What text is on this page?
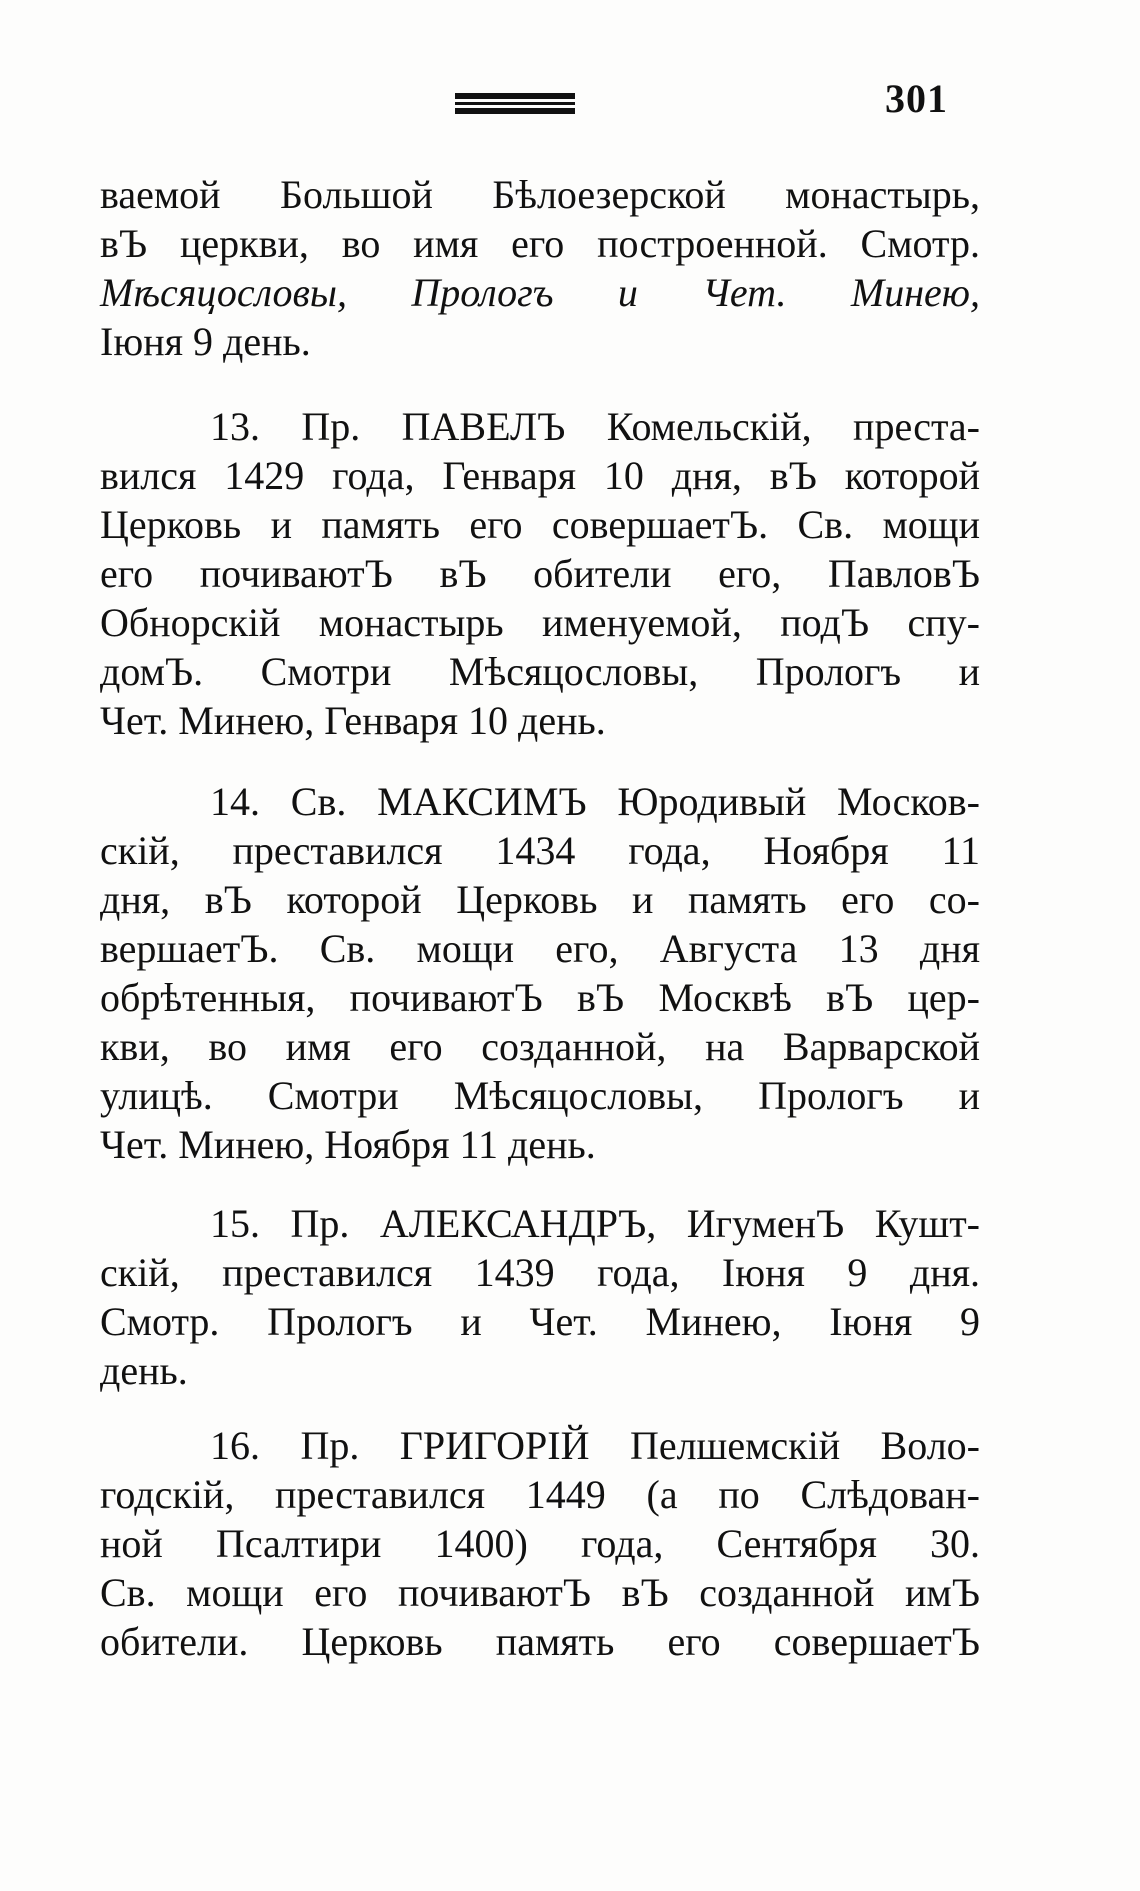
301
ваемой Большой Бѣлоезерской монастырь,
вЪ церкви, во имя его построенной. Смотр.
Мѣсяцословы, Прологъ и Чет. Минею,
Іюня 9 день.
13. Пр. ПАВЕЛЪ Комельскій, преста-
вился 1429 года, Генваря 10 дня, вЪ которой
Церковь и память его совершаетЪ. Св. мощи
его почиваютЪ вЪ обители его, ПавловЪ
Обнорскій монастырь именуемой, подЪ спу-
домЪ. Смотри Мѣсяцословы, Прологъ и
Чет. Минею, Генваря 10 день.
14. Св. МАКСИМЪ Юродивый Москов-
скій, преставился 1434 года, Ноября 11
дня, вЪ которой Церковь и память его со-
вершаетЪ. Св. мощи его, Августа 13 дня
обрѣтенныя, почиваютЪ вЪ Москвѣ вЪ цер-
кви, во имя его созданной, на Варварской
улицѣ. Смотри Мѣсяцословы, Прологъ и
Чет. Минею, Ноября 11 день.
15. Пр. АЛЕКСАНДРЪ, ИгуменЪ Кушт-
скій, преставился 1439 года, Іюня 9 дня.
Смотр. Прологъ и Чет. Минею, Іюня 9
день.
16. Пр. ГРИГОРІЙ Пелшемскій Воло-
годскій, преставился 1449 (а по Слѣдован-
ной Псалтири 1400) года, Сентября 30.
Св. мощи его почиваютЪ вЪ созданной имЪ
обители. Церковь память его совершаетЪ
